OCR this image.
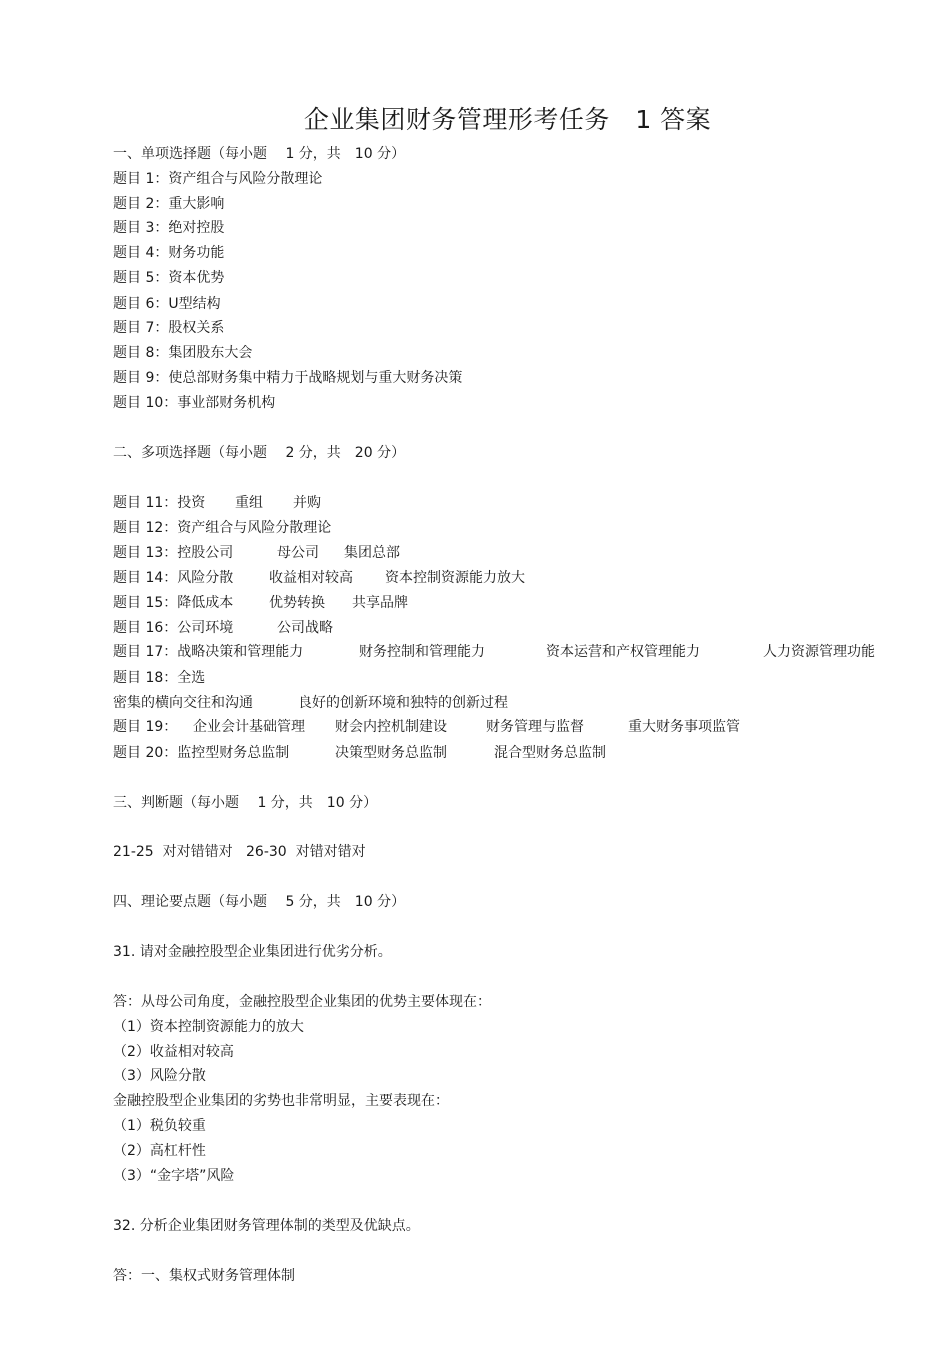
企业集团财务管理形考任务　1 答案
一、单项选择题（每小题　 1 分，共　10 分）
题目 1：资产组合与风险分散理论
题目 2：重大影响
题目 3：绝对控股
题目 4：财务功能
题目 5：资本优势
题目 6：U型结构
题目 7：股权关系
题目 8：集团股东大会
题目 9：使总部财务集中精力于战略规划与重大财务决策
题目 10：事业部财务机构
二、多项选择题（每小题　 2 分，共　20 分）

题目 11：投资

重组

并购

题目 12：资产组合与风险分散理论

题目 13：控股公司

	母公司

集团总部

题目 14：风险分散

	收益相对较高

资本控制资源能力放大

题目 15：降低成本

	优势转换

共享品牌

题目 16：公司环境

	公司战略

题目 17：战略决策和管理能力

	财务控制和管理能力

	资本运营和产权管理能力

	人力资源管理功能

题目 18：全选

密集的横向交往和沟通

	良好的创新环境和独特的创新过程

题目 19：

企业会计基础管理

财会内控机制建设

	财务管理与监督

	重大财务事项监管

题目 20：监控型财务总监制

	决策型财务总监制

	混合型财务总监制

三、判断题（每小题　 1 分，共　10 分）

21-25  对对错错对

26-30  对错对错对

四、理论要点题（每小题　 5 分，共　10 分）
31. 请对金融控股型企业集团进行优劣分析。
答：从母公司角度，金融控股型企业集团的优势主要体现在：
（1）资本控制资源能力的放大
（2）收益相对较高
（3）风险分散
金融控股型企业集团的劣势也非常明显，主要表现在：
（1）税负较重
（2）高杠杆性
（3）“金字塔”风险
32. 分析企业集团财务管理体制的类型及优缺点。
答：一、集权式财务管理体制
